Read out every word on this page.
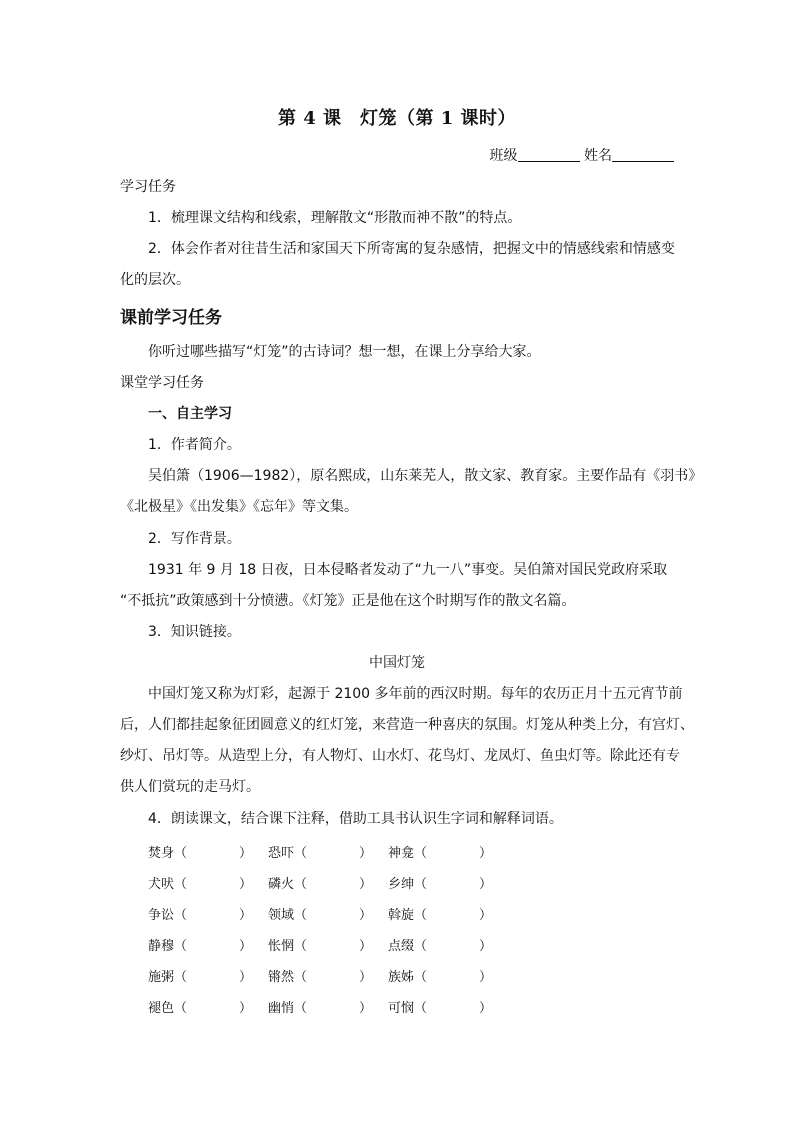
第 4 课　灯笼（第 1 课时）
班级	姓名
学习任务
1．梳理课文结构和线索，理解散文“形散而神不散”的特点。
2．体会作者对往昔生活和家国天下所寄寓的复杂感情，把握文中的情感线索和情感变
化的层次。
课前学习任务
你听过哪些描写“灯笼”的古诗词？想一想，在课上分享给大家。
课堂学习任务
一、自主学习
1．作者简介。
吴伯箫（1906—1982），原名熙成，山东莱芜人，散文家、教育家。主要作品有《羽书》
《北极星》《出发集》《忘年》等文集。
2．写作背景。
1931 年 9 月 18 日夜，日本侵略者发动了“九一八”事变。吴伯箫对国民党政府采取
“不抵抗”政策感到十分愤懑。《灯笼》正是他在这个时期写作的散文名篇。
3．知识链接。
中国灯笼
中国灯笼又称为灯彩，起源于 2100 多年前的西汉时期。每年的农历正月十五元宵节前
后，人们都挂起象征团圆意义的红灯笼，来营造一种喜庆的氛围。灯笼从种类上分，有宫灯、
纱灯、吊灯等。从造型上分，有人物灯、山水灯、花鸟灯、龙凤灯、鱼虫灯等。除此还有专
供人们赏玩的走马灯。
4．朗读课文，结合课下注释，借助工具书认识生字词和解释词语。
焚身（　　　　）	恐吓（　　　　）	神龛（　　　　）
犬吠（　　　　）	磷火（　　　　）	乡绅（　　　　）
争讼（　　　　）	领域（　　　　）	斡旋（　　　　）
静穆（　　　　）	怅惘（　　　　）	点缀（　　　　）
施粥（　　　　）	锵然（　　　　）	族姊（　　　　）
褪色（　　　　）	幽悄（　　　　）	可悯（　　　　）
